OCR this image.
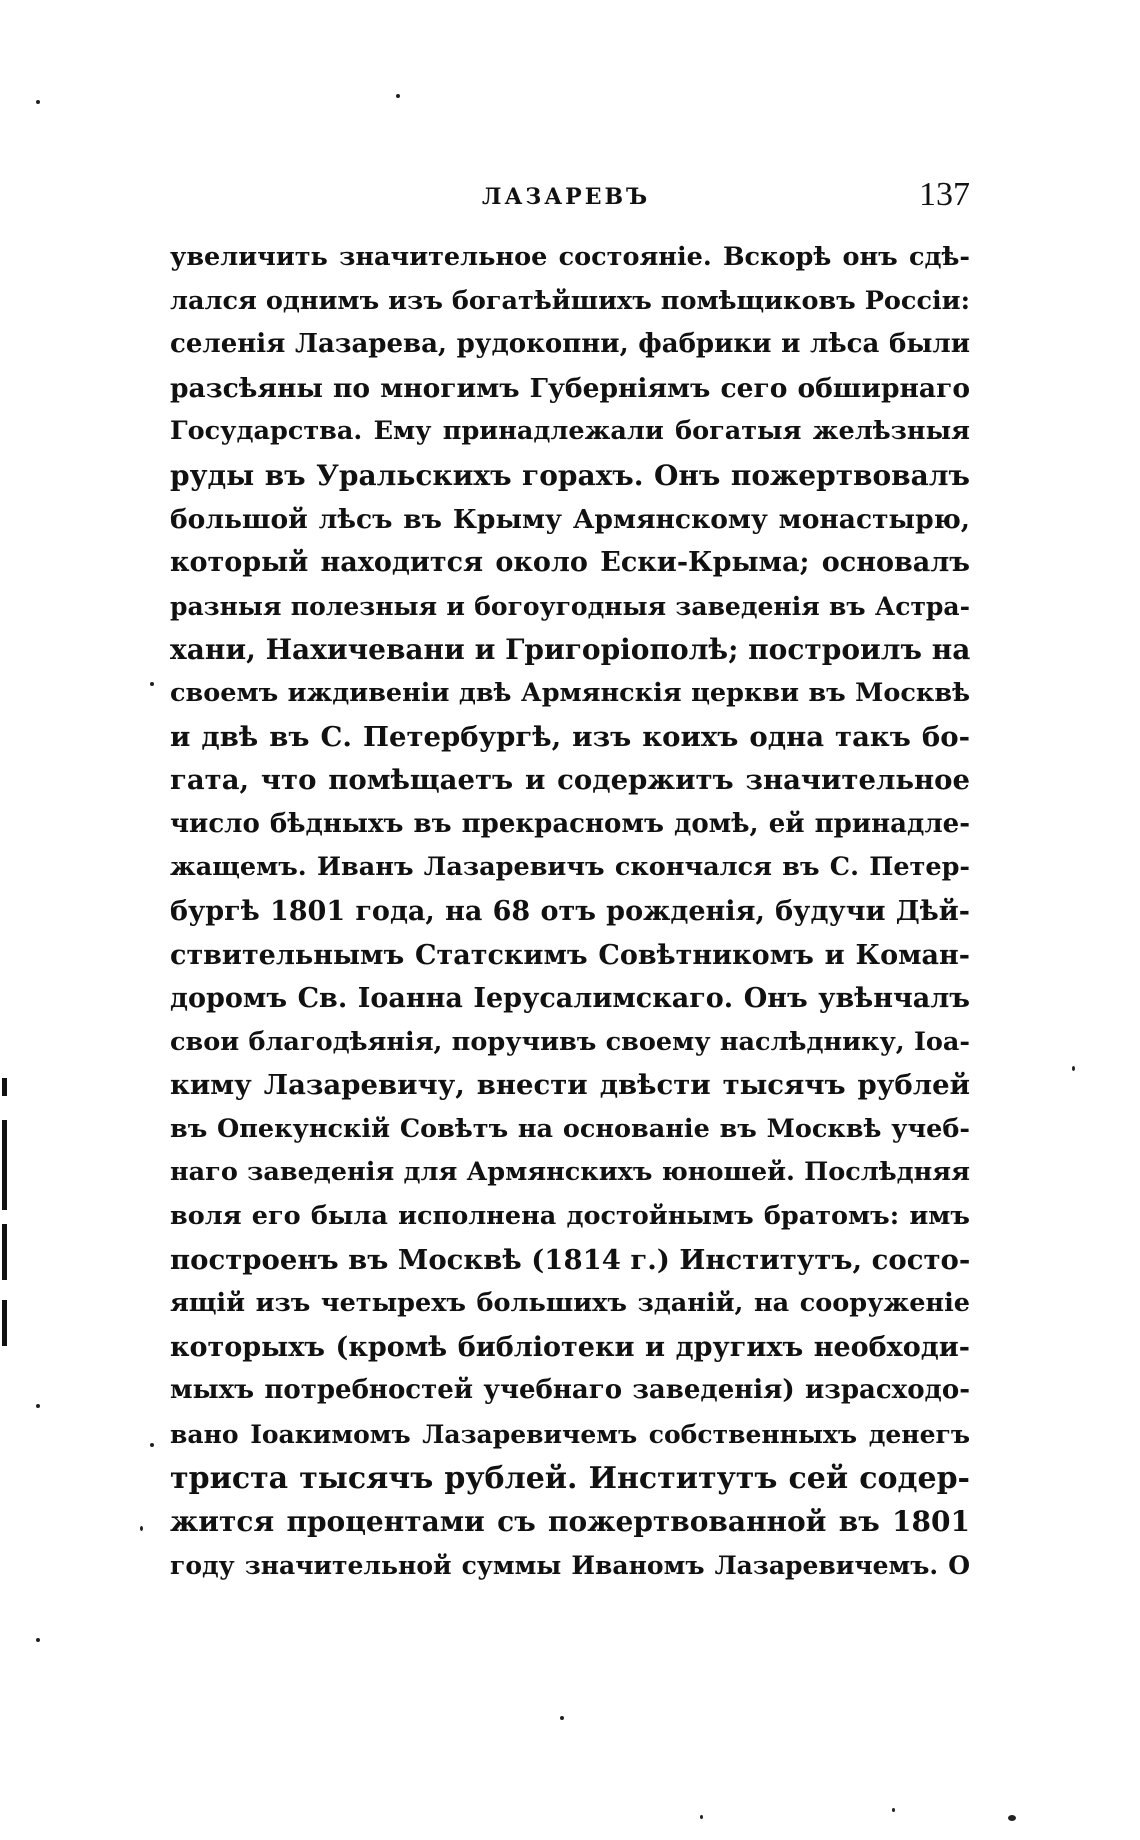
ЛАЗАРЕВЪ	137
увеличить значительное состояніе. Вскорѣ онъ сдѣ-
лался однимъ изъ богатѣйшихъ помѣщиковъ Россіи:
селенія Лазарева, рудокопни, фабрики и лѣса были
разсѣяны по многимъ Губерніямъ сего обширнаго
Государства. Ему принадлежали богатыя желѣзныя
руды въ Уральскихъ горахъ. Онъ пожертвовалъ
большой лѣсъ въ Крыму Армянскому монастырю,
который находится около Ески-Крыма; основалъ
разныя полезныя и богоугодныя заведенія въ Астра-
хани, Нахичевани и Григоріополѣ; построилъ на
своемъ иждивеніи двѣ Армянскія церкви въ Москвѣ
и двѣ въ С. Петербургѣ, изъ коихъ одна такъ бо-
гата, что помѣщаетъ и содержитъ значительное
число бѣдныхъ въ прекрасномъ домѣ, ей принадле-
жащемъ. Иванъ Лазаревичъ скончался въ С. Петер-
бургѣ 1801 года, на 68 отъ рожденія, будучи Дѣй-
ствительнымъ Статскимъ Совѣтникомъ и Коман-
доромъ Св. Іоанна Іерусалимскаго. Онъ увѣнчалъ
свои благодѣянія, поручивъ своему наслѣднику, Іоа-
киму Лазаревичу, внести двѣсти тысячъ рублей
въ Опекунскій Совѣтъ на основаніе въ Москвѣ учеб-
наго заведенія для Армянскихъ юношей. Послѣдняя
воля его была исполнена достойнымъ братомъ: имъ
построенъ въ Москвѣ (1814 г.) Институтъ, состо-
ящій изъ четырехъ большихъ зданій, на сооруженіе
которыхъ (кромѣ библіотеки и другихъ необходи-
мыхъ потребностей учебнаго заведенія) израсходо-
вано Іоакимомъ Лазаревичемъ собственныхъ денегъ
триста тысячъ рублей. Институтъ сей содер-
жится процентами съ пожертвованной въ 1801
году значительной суммы Иваномъ Лазаревичемъ. О
